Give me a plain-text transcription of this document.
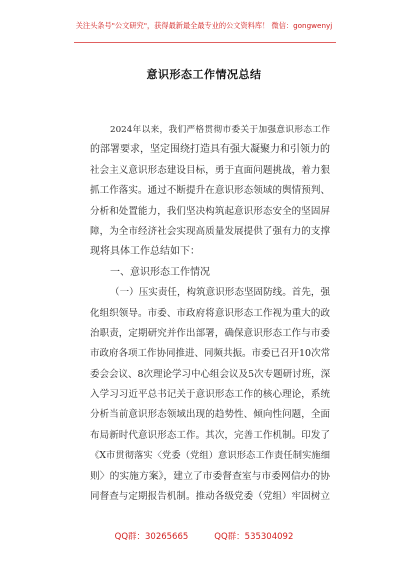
关注头条号"公文研究"，获得最新最全最专业的公文资料库！ 微信：gongwenyj
意识形态工作情况总结
2024年以来，我们严格贯彻市委关于加强意识形态工作
的部署要求，坚定围绕打造具有强大凝聚力和引领力的
社会主义意识形态建设目标，勇于直面问题挑战，着力狠
抓工作落实。通过不断提升在意识形态领域的舆情预判、
分析和处置能力，我们坚决构筑起意识形态安全的坚固屏
障，为全市经济社会实现高质量发展提供了强有力的支撑
现将具体工作总结如下：
一、意识形态工作情况
（一）压实责任，构筑意识形态坚固防线。首先，强
化组织领导。市委、市政府将意识形态工作视为重大的政
治职责，定期研究并作出部署，确保意识形态工作与市委
市政府各项工作协同推进、同频共振。市委已召开10次常
委会会议、8次理论学习中心组会议及5次专题研讨班，深
入学习习近平总书记关于意识形态工作的核心理论，系统
分析当前意识形态领域出现的趋势性、倾向性问题，全面
布局新时代意识形态工作。其次，完善工作机制。印发了
《X市贯彻落实〈党委（党组）意识形态工作责任制实施细
则〉的实施方案》，建立了市委督查室与市委网信办的协
同督查与定期报告机制。推动各级党委（党组）牢固树立
QQ群：30265665	QQ群：535304092
